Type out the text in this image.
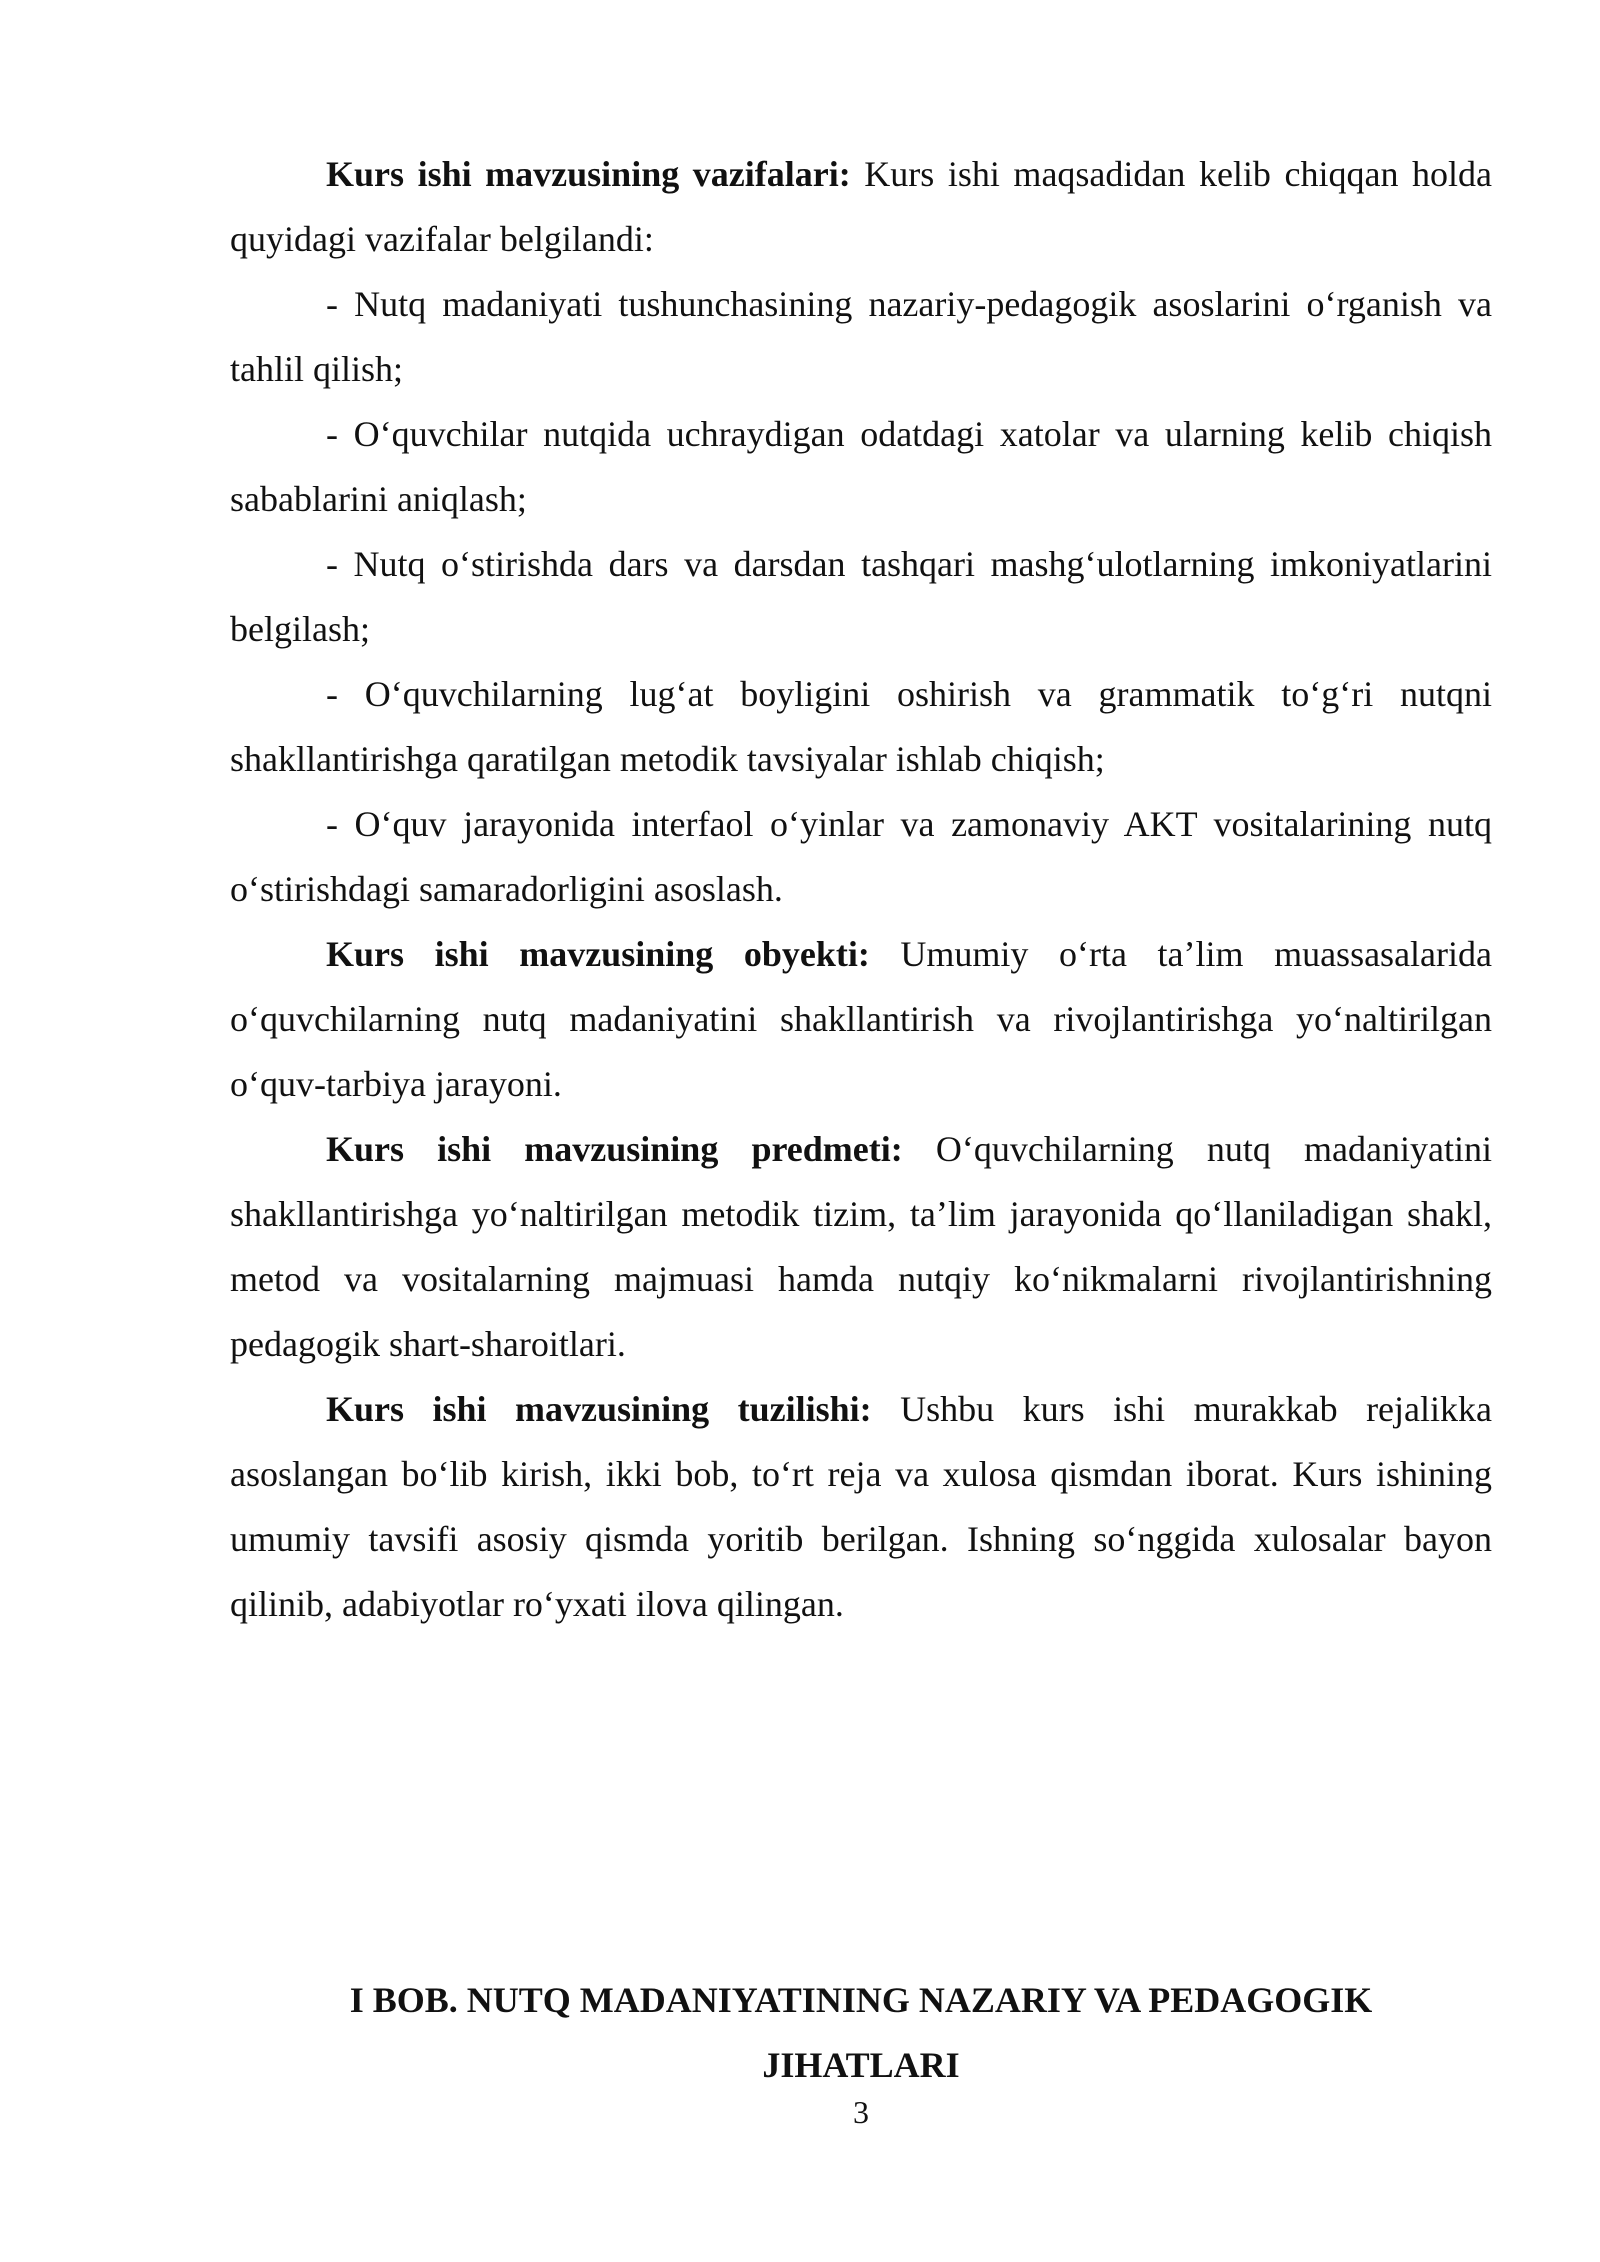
Kurs ishi mavzusining vazifalari: Kurs ishi maqsadidan kelib chiqqan holda quyidagi vazifalar belgilandi:

- Nutq madaniyati tushunchasining nazariy-pedagogik asoslarini oʻrganish va tahlil qilish;

- Oʻquvchilar nutqida uchraydigan odatdagi xatolar va ularning kelib chiqish sabablarini aniqlash;

- Nutq oʻstirishda dars va darsdan tashqari mashgʻulotlarning imkoniyatlarini belgilash;

- Oʻquvchilarning lugʻat boyligini oshirish va grammatik toʻgʻri nutqni shakllantirishga qaratilgan metodik tavsiyalar ishlab chiqish;

- Oʻquv jarayonida interfaol oʻyinlar va zamonaviy AKT vositalarining nutq oʻstirishdagi samaradorligini asoslash.

Kurs ishi mavzusining obyekti: Umumiy oʻrta taʼlim muassasalarida oʻquvchilarning nutq madaniyatini shakllantirish va rivojlantirishga yoʻnaltirilgan oʻquv-tarbiya jarayoni.

Kurs ishi mavzusining predmeti: Oʻquvchilarning nutq madaniyatini shakllantirishga yoʻnaltirilgan metodik tizim, taʼlim jarayonida qoʻllaniladigan shakl, metod va vositalarning majmuasi hamda nutqiy koʻnikmalarni rivojlantirishning pedagogik shart-sharoitlari.

Kurs ishi mavzusining tuzilishi: Ushbu kurs ishi murakkab rejalikka asoslangan boʻlib kirish, ikki bob, toʻrt reja va xulosa qismdan iborat. Kurs ishining umumiy tavsifi asosiy qismda yoritib berilgan. Ishning soʻnggida xulosalar bayon qilinib, adabiyotlar roʻyxati ilova qilingan.

I BOB. NUTQ MADANIYATINING NAZARIY VA PEDAGOGIK
JIHATLARI
3
